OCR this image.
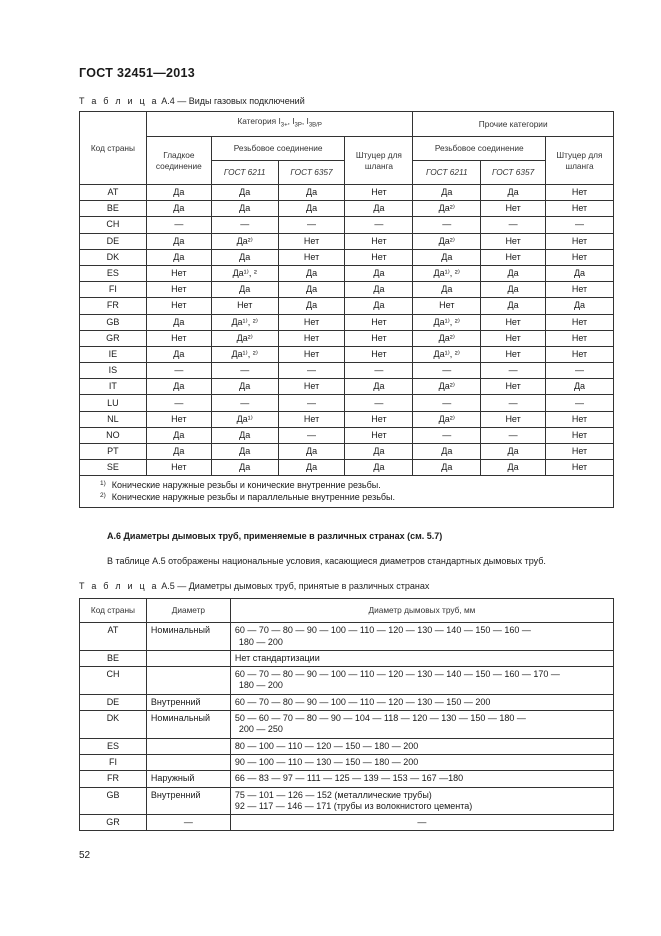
ГОСТ 32451—2013
Т а б л и ц а А.4 — Виды газовых подключений
Код страны	Категория $I_{3+}$, $I_{3P}$, $I_{3B/P}$				Прочие категории		
	Гладкое соединение	Резьбовое соединение		Штуцер для шланга	Резьбовое соединение		Штуцер для шланга
		ГОСТ 6211	ГОСТ 6357		ГОСТ 6211	ГОСТ 6357	
AT	Да	Да	Да	Нет	Да	Да	Нет
BE	Да	Да	Да	Да	Да²⁾	Нет	Нет
CH	—	—	—	—	—	—	—
DE	Да	Да²⁾	Нет	Нет	Да²⁾	Нет	Нет
DK	Да	Да	Нет	Нет	Да	Нет	Нет
ES	Нет	Да¹⁾, ²	Да	Да	Да¹⁾, ²⁾	Да	Да
FI	Нет	Да	Да	Да	Да	Да	Нет
FR	Нет	Нет	Да	Да	Нет	Да	Да
GB	Да	Да¹⁾, ²⁾	Нет	Нет	Да¹⁾, ²⁾	Нет	Нет
GR	Нет	Да²⁾	Нет	Нет	Да²⁾	Нет	Нет
IE	Да	Да¹⁾, ²⁾	Нет	Нет	Да¹⁾, ²⁾	Нет	Нет
IS	—	—	—	—	—	—	—
IT	Да	Да	Нет	Да	Да²⁾	Нет	Да
LU	—	—	—	—	—	—	—
NL	Нет	Да¹⁾	Нет	Нет	Да²⁾	Нет	Нет
NO	Да	Да	—	Нет	—	—	Нет
PT	Да	Да	Да	Да	Да	Да	Нет
SE	Нет	Да	Да	Да	Да	Да	Нет

$^{1)}$ Конические наружные резьбы и конические внутренние резьбы.
$^{2)}$ Конические наружные резьбы и параллельные внутренние резьбы.							
А.6 Диаметры дымовых труб, применяемые в различных странах (см. 5.7)
В таблице А.5 отображены национальные условия, касающиеся диаметров стандартных дымовых труб.
Т а б л и ц а А.5 — Диаметры дымовых труб, принятые в различных странах
Код страны	Диаметр	Диаметр дымовых труб, мм
AT	Номинальный	60 — 70 — 80 — 90 — 100 — 110 — 120 — 130 — 140 — 150 — 160 —
180 — 200

BE		Нет стандартизации

CH		60 — 70 — 80 — 90 — 100 — 110 — 120 — 130 — 140 — 150 — 160 — 170 —
180 — 200

DE	Внутренний	60 — 70 — 80 — 90 — 100 — 110 — 120 — 130 — 150 — 200

DK	Номинальный	50 — 60 — 70 — 80 — 90 — 104 — 118 — 120 — 130 — 150 — 180 —
200 — 250

ES		80 — 100 — 110 — 120 — 150 — 180 — 200

FI		90 — 100 — 110 — 130 — 150 — 180 — 200

FR	Наружный	66 — 83 — 97 — 111 — 125 — 139 — 153 — 167 —180

GB	Внутренний	75 — 101 — 126 — 152 (металлические трубы)
92 — 117 — 146 — 171 (трубы из волокнистого цемента)

GR	—	—
52
